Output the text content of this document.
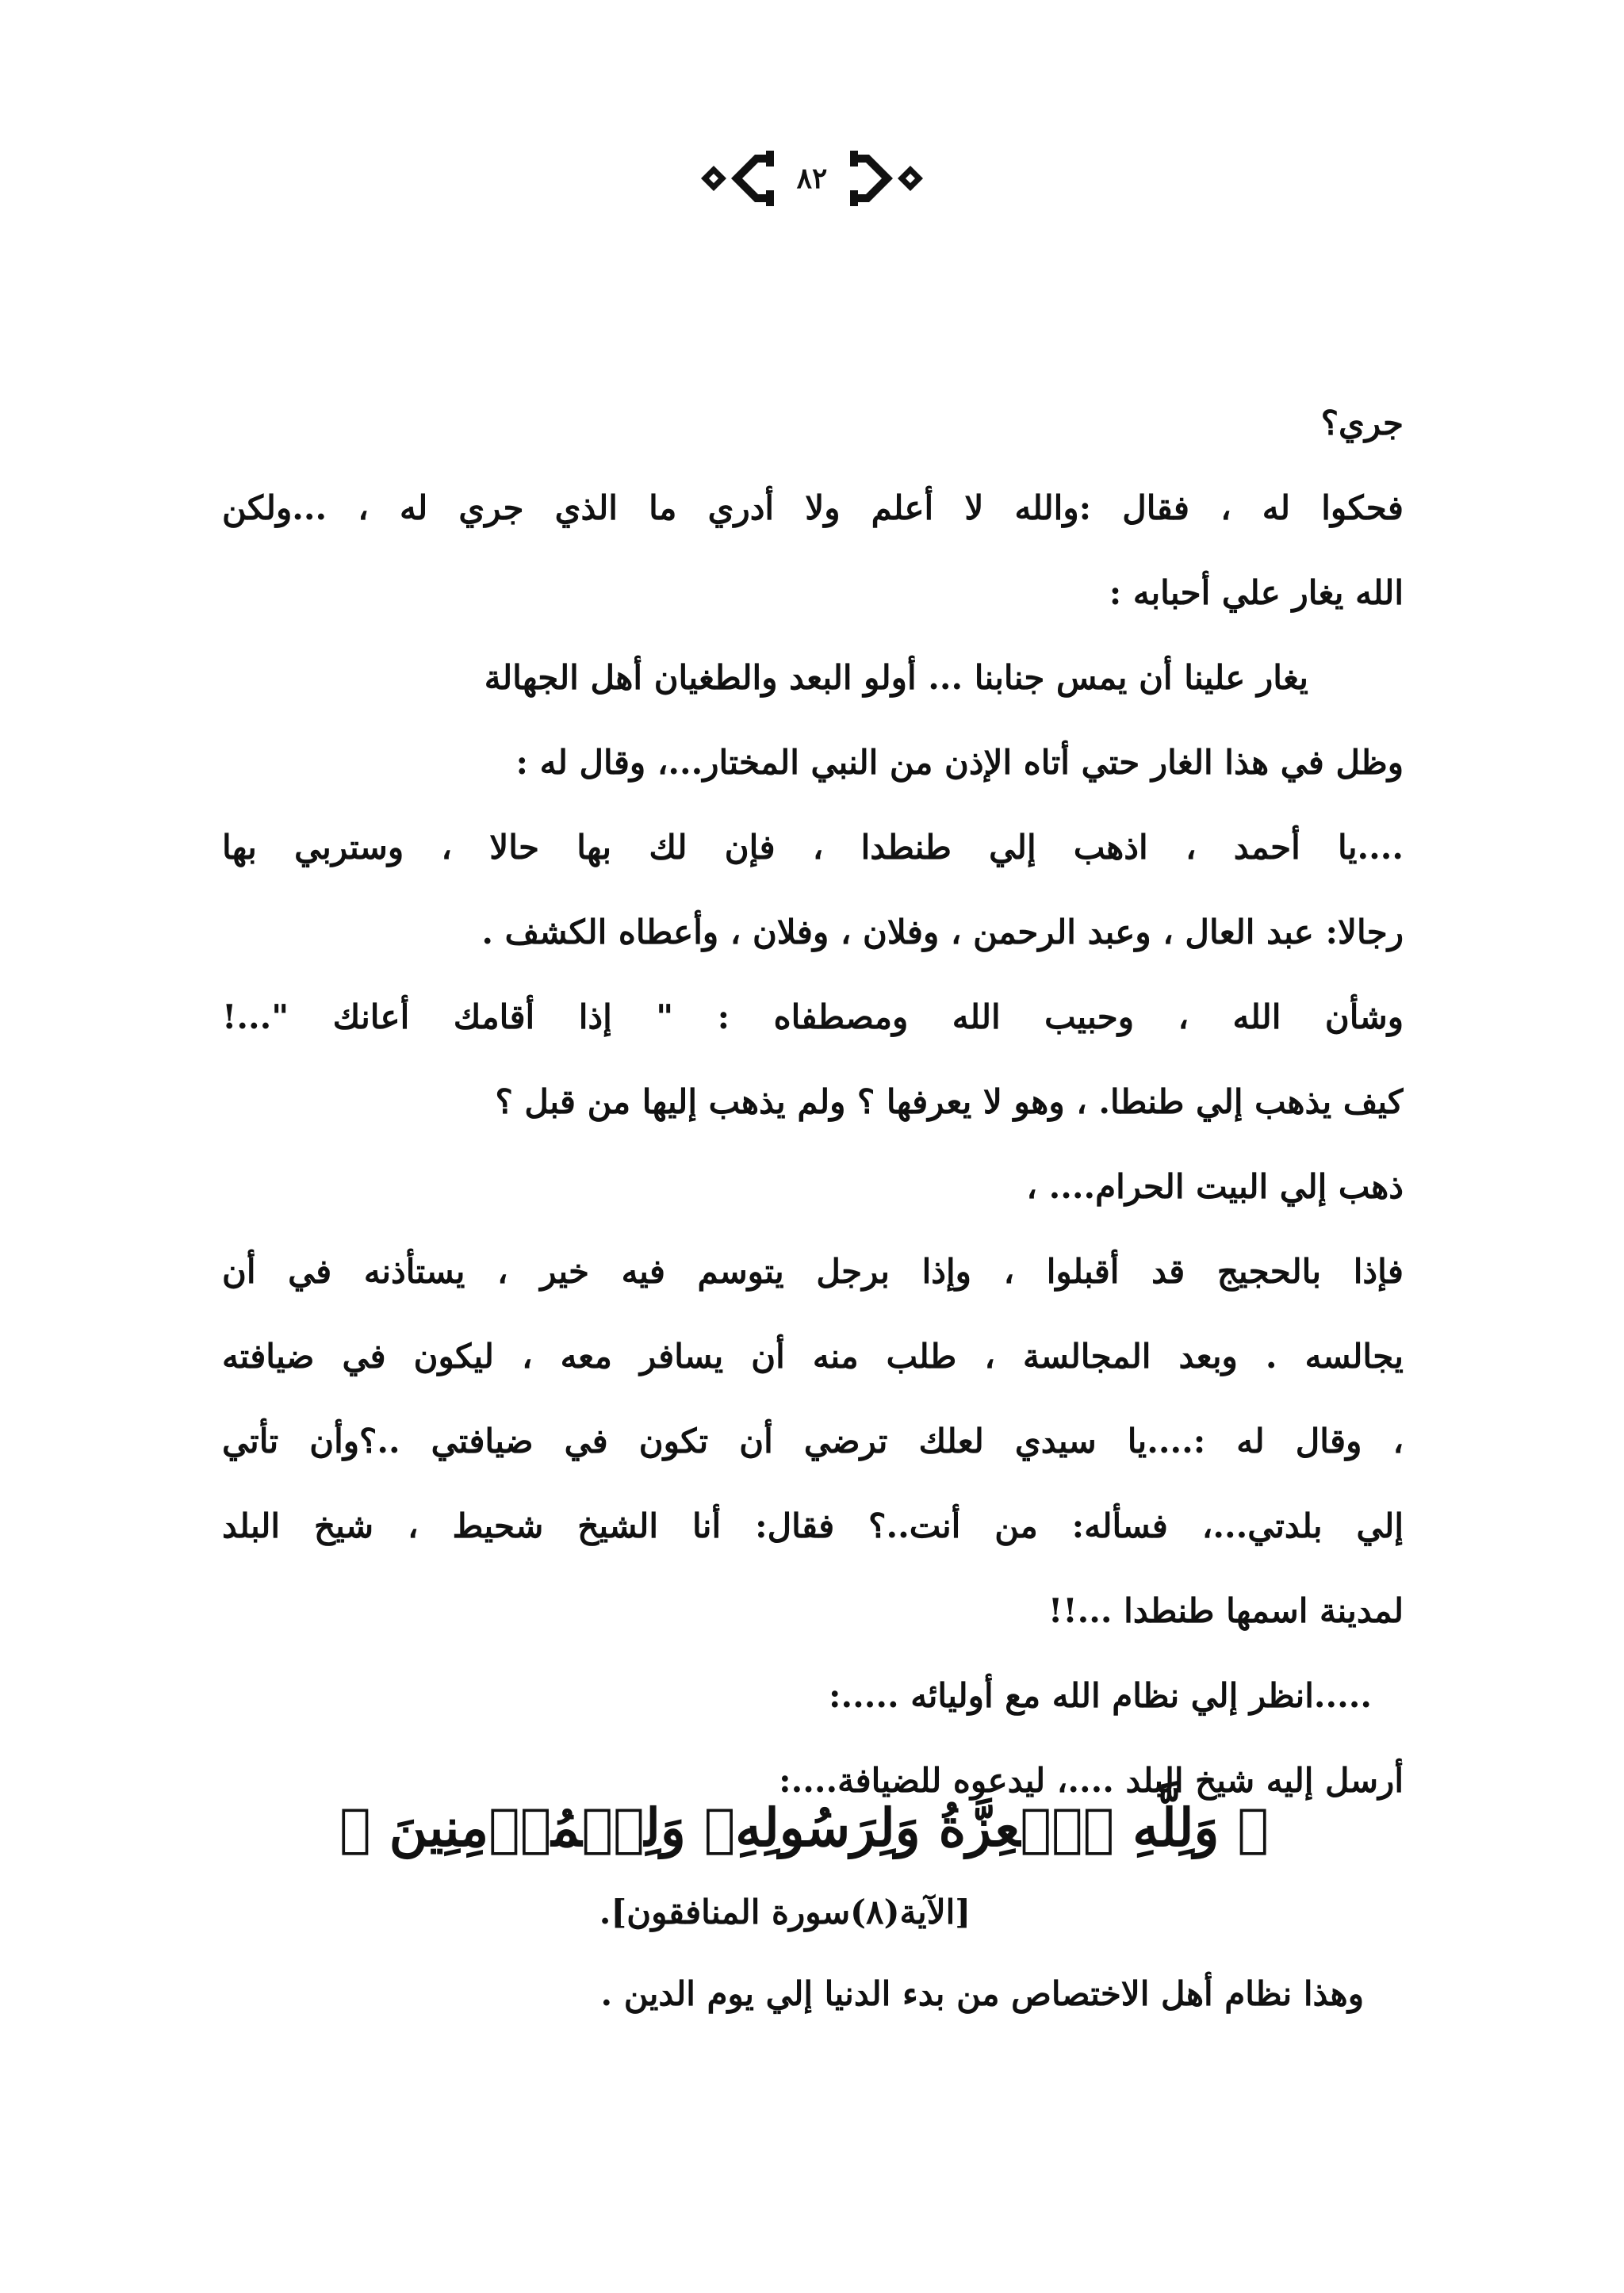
٨٢
جري؟
فحكوا له ، فقال :والله لا أعلم ولا أدري ما الذي جري له ، ...ولكن
الله يغار علي أحبابه :
يغار علينا أن يمس جنابنا ... أولو البعد والطغيان أهل الجهالة
وظل في هذا الغار حتي أتاه الإذن من النبي المختار...، وقال له :
....يا أحمد ، اذهب إلي طنطدا ، فإن لك بها حالا ، وستربي بها
رجالا: عبد العال ، وعبد الرحمن ، وفلان ، وفلان ، وأعطاه الكشف .
وشأن الله ، وحبيب الله ومصطفاه : " إذا أقامك أعانك "...!
كيف يذهب إلي طنطا. ، وهو لا يعرفها ؟ ولم يذهب إليها من قبل ؟
ذهب إلي البيت الحرام.... ،
فإذا بالحجيج قد أقبلوا ، وإذا برجل يتوسم فيه خير ، يستأذنه في أن
يجالسه . وبعد المجالسة ، طلب منه أن يسافر معه ، ليكون في ضيافته
، وقال له :....يا سيدي لعلك ترضي أن تكون في ضيافتي ..؟وأن تأتي
إلي بلدتي...، فسأله: من أنت..؟ فقال: أنا الشيخ شحيط ، شيخ البلد
لمدينة اسمها طنطدا ...!!
.....انظر إلي نظام الله مع أوليائه .....:
أرسل إليه شيخ البلد ....، ليدعوه للضيافة....:
﴿ وَلِلَّهِ ٱلۡعِزَّةُ وَلِرَسُولِهِۦ وَلِلۡمُؤۡمِنِينَ ﴾
[الآية(٨)سورة المنافقون].
وهذا نظام أهل الاختصاص من بدء الدنيا إلي يوم الدين .
